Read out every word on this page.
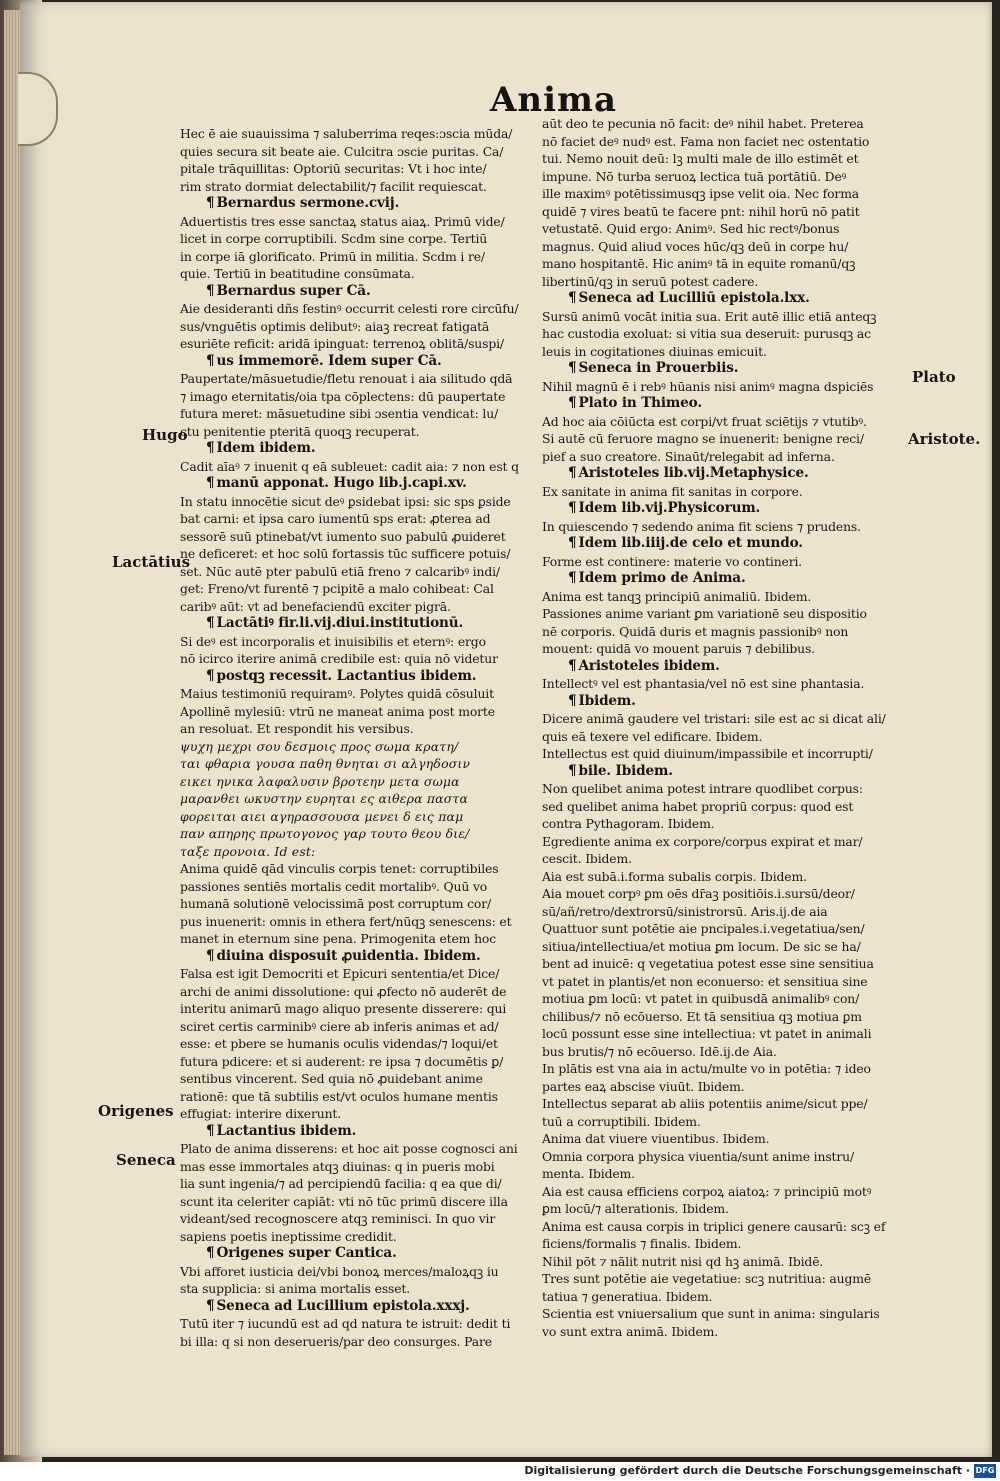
Anima
Hugo
Lactātius
Origenes
Seneca
Plato
Aristote.
Hec ē aie suauissima ⁊ saluberrima reqes:ɔscia mūda/
quies secura sit beate aie. Culcitra ɔscie puritas. Ca/
pitale trāquillitas: Optoriū securitas: Vt i hoc inte/
rim strato dormiat delectabilit/⁊ facilit requiescat.
¶ Bernardus sermone.cvij.
Aduertistis tres esse sanctaꝝ status aiaꝝ. Primū vide/
licet in corpe corruptibili. Scdm sine corpe. Tertiū
in corpe iā glorificato. Primū in militia. Scdm i re/
quie. Tertiū in beatitudine consūmata.
¶ Bernardus super Cā.
Aie desideranti dñs festinꝰ occurrit celesti rore circūfu/
sus/vnguētis optimis delibutꝰ: aiaꝫ recreat fatigatā
esuriēte reficit: aridā ipinguat: terrenoꝝ oblitā/suspi/
¶ us immemorē. Idem super Cā.
Paupertate/māsuetudie/fletu renouat i aia silitudo qdā
⁊ imago eternitatis/oia tpa cōplectens: dū paupertate
futura meret: māsuetudine sibi ɔsentia vendicat: lu/
ctu penitentie pteritā quoqꝫ recuperat.
¶ Idem ibidem.
Cadit aīaꝰ ⁊ inuenit q eā subleuet: cadit aia: ⁊ non est q
¶ manū apponat. Hugo lib.j.capi.xv.
In statu innocētie sicut deꝰ ꝑsidebat ipsi: sic sps ꝑside
bat carni: et ipsa caro iumentū sps erat: ꝓterea ad
sessorē suū ptinebat/vt iumento suo pabulū ꝓuideret
ne deficeret: et hoc solū fortassis tūc sufficere potuis/
set. Nūc autē pter pabulū etiā freno ⁊ calcaribꝰ indi/
get: Freno/vt furentē ⁊ pcipitē a malo cohibeat: Cal
caribꝰ aūt: vt ad benefaciendū exciter pigrā.
¶ Lactātiꝰ fir.li.vij.diui.institutionū.
Si deꝰ est incorporalis et inuisibilis et eternꝰ: ergo
nō icirco iterire animā credibile est: quia nō videtur
¶ postqꝫ recessit. Lactantius ibidem.
Maius testimoniū requiramꝰ. Polytes quidā cōsuluit
Apollinē mylesiū: vtrū ne maneat anima post morte
an resoluat. Et respondit his versibus.
ψυχη μεχρι σου δεσμοις προς σωμα κρατη/
ται φθαρια γουσα παθη θνηται σι αλγηδοσιν
εικει ηνικα λαφαλυσιν βροτεην μετα σωμα
μαρανθει ωκυστην ευρηται ες αιθερα παστα
φορειται αιει αγηρασσουσα μενει δ εις παμ
παν απηρης πρωτογονος γαρ τουτο θεου διε/
ταξε προνοια. Id est:
Anima quidē qād vinculis corpis tenet: corruptibiles
passiones sentiēs mortalis cedit mortalibꝰ. Quū vo
humanā solutionē velocissimā post corruptum cor/
pus inuenerit: omnis in ethera fert/nūqꝫ senescens: et
manet in eternum sine pena. Primogenita etem hoc
¶ diuina disposuit ꝓuidentia. Ibidem.
Falsa est igit Democriti et Epicuri sententia/et Dice/
archi de animi dissolutione: qui ꝓfecto nō auderēt de
interitu animarū mago aliquo presente disserere: qui
sciret certis carminibꝰ ciere ab inferis animas et ad/
esse: et pbere se humanis oculis videndas/⁊ loqui/et
futura pdicere: et si auderent: re ipsa ⁊ documētis ꝑ/
sentibus vincerent. Sed quia nō ꝓuidebant anime
rationē: que tā subtilis est/vt oculos humane mentis
effugiat: interire dixerunt.
¶ Lactantius ibidem.
Plato de anima disserens: et hoc ait posse cognosci ani
mas esse immortales atqꝫ diuinas: q in pueris mobi
lia sunt ingenia/⁊ ad percipiendū facilia: q ea que di/
scunt ita celeriter capiāt: vti nō tūc primū discere illa
videant/sed recognoscere atqꝫ reminisci. In quo vir
sapiens poetis ineptissime credidit.
¶ Origenes super Cantica.
Vbi afforet iusticia dei/vbi bonoꝝ merces/maloꝝqꝫ iu
sta supplicia: si anima mortalis esset.
¶ Seneca ad Lucillium epistola.xxxj.
Tutū iter ⁊ iucundū est ad qd natura te istruit: dedit ti
bi illa: q si non deserueris/par deo consurges. Pare
aūt deo te pecunia nō facit: deꝰ nihil habet. Preterea
nō faciet deꝰ nudꝰ est. Fama non faciet nec ostentatio
tui. Nemo nouit deū: lꝫ multi male de illo estimēt et
impune. Nō turba seruoꝝ lectica tuā portātiū. Deꝰ
ille maximꝰ potētissimusqꝫ ipse velit oia. Nec forma
quidē ⁊ vires beatū te facere pnt: nihil horū nō patit
vetustatē. Quid ergo: Animꝰ. Sed hic rectꝰ/bonus
magnus. Quid aliud voces hūc/qꝫ deū in corpe hu/
mano hospitantē. Hic animꝰ tā in equite romanū/qꝫ
libertinū/qꝫ in seruū potest cadere.
¶ Seneca ad Lucilliū epistola.lxx.
Sursū animū vocāt initia sua. Erit autē illic etiā anteqꝫ
hac custodia exoluat: si vitia sua deseruit: purusqꝫ ac
leuis in cogitationes diuinas emicuit.
¶ Seneca in Prouerbiis.
Nihil magnū ē i rebꝰ hūanis nisi animꝰ magna dspiciēs
¶ Plato in Thimeo.
Ad hoc aia cōiūcta est corpi/vt fruat sciētijs ⁊ vtutibꝰ.
Si autē cū feruore magno se inuenerit: benigne reci/
pief a suo creatore. Sinaūt/relegabit ad inferna.
¶ Aristoteles lib.vij.Metaphysice.
Ex sanitate in anima fit sanitas in corpore.
¶ Idem lib.vij.Physicorum.
In quiescendo ⁊ sedendo anima fit sciens ⁊ prudens.
¶ Idem lib.iiij.de celo et mundo.
Forme est continere: materie vo contineri.
¶ Idem primo de Anima.
Anima est tanqꝫ principiū animaliū. Ibidem.
Passiones anime variant ꝑm variationē seu dispositio
nē corporis. Quidā duris et magnis passionibꝰ non
mouent: quidā vo mouent paruis ⁊ debilibus.
¶ Aristoteles ibidem.
Intellectꝰ vel est phantasia/vel nō est sine phantasia.
¶ Ibidem.
Dicere animā gaudere vel tristari: sile est ac si dicat ali/
quis eā texere vel edificare. Ibidem.
Intellectus est quid diuinum/impassibile et incorrupti/
¶ bile. Ibidem.
Non quelibet anima potest intrare quodlibet corpus:
sed quelibet anima habet propriū corpus: quod est
contra Pythagoram. Ibidem.
Egrediente anima ex corpore/corpus expirat et mar/
cescit. Ibidem.
Aia est subā.i.forma subalis corpis. Ibidem.
Aia mouet corpꝰ ꝑm oēs dr̄aꝫ positiōis.i.sursū/deor/
sū/añ/retro/dextrorsū/sinistrorsū. Aris.ij.de aia
Quattuor sunt potētie aie pncipales.i.vegetatiua/sen/
sitiua/intellectiua/et motiua ꝑm locum. De sic se ha/
bent ad inuicē: q vegetatiua potest esse sine sensitiua
vt patet in plantis/et non econuerso: et sensitiua sine
motiua ꝑm locū: vt patet in quibusdā animalibꝰ con/
chilibus/⁊ nō ecōuerso. Et tā sensitiua qꝫ motiua ꝑm
locū possunt esse sine intellectiua: vt patet in animali
bus brutis/⁊ nō ecōuerso. Idē.ij.de Aia.
In plātis est vna aia in actu/multe vo in potētia: ⁊ ideo
partes eaꝝ abscise viuūt. Ibidem.
Intellectus separat ab aliis potentiis anime/sicut ppe/
tuū a corruptibili. Ibidem.
Anima dat viuere viuentibus. Ibidem.
Omnia corpora physica viuentia/sunt anime instru/
menta. Ibidem.
Aia est causa efficiens corpoꝝ aiatoꝝ: ⁊ principiū motꝰ
ꝑm locū/⁊ alterationis. Ibidem.
Anima est causa corpis in triplici genere causarū: scꝫ ef
ficiens/formalis ⁊ finalis. Ibidem.
Nihil pōt ⁊ nālit nutrit nisi qd hꝫ animā. Ibidē.
Tres sunt potētie aie vegetatiue: scꝫ nutritiua: augmē
tatiua ⁊ generatiua. Ibidem.
Scientia est vniuersalium que sunt in anima: singularis
vo sunt extra animā. Ibidem.
Digitalisierung gefördert durch die Deutsche Forschungsgemeinschaft · DFG
